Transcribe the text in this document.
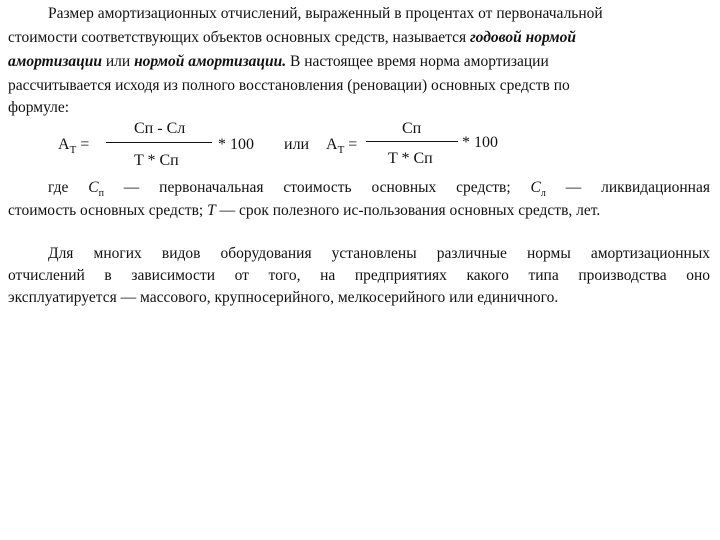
Размер амортизационных отчислений, выраженный в процентах от первоначальной
стоимости соответствующих объектов основных средств, называется годовой нормой
амортизации или нормой амортизации. В настоящее время норма амортизации
рассчитывается исходя из полного восстановления (реновации) основных средств по
формуле:
$A_T$ =
Cп - Cл
T * Cп
* 100 или $A_T$ =
Cп
T * Cп
* 100
где $С_п$ — первоначальная стоимость основных средств; $С_л$ — ликвидационная
стоимость основных средств; Т — срок полезного ис-пользования основных средств, лет.
Для многих видов оборудования установлены различные нормы амортизационных
отчислений в зависимости от того, на предприятиях какого типа производства оно
эксплуатируется — массового, крупносерийного, мелкосерийного или единичного.
